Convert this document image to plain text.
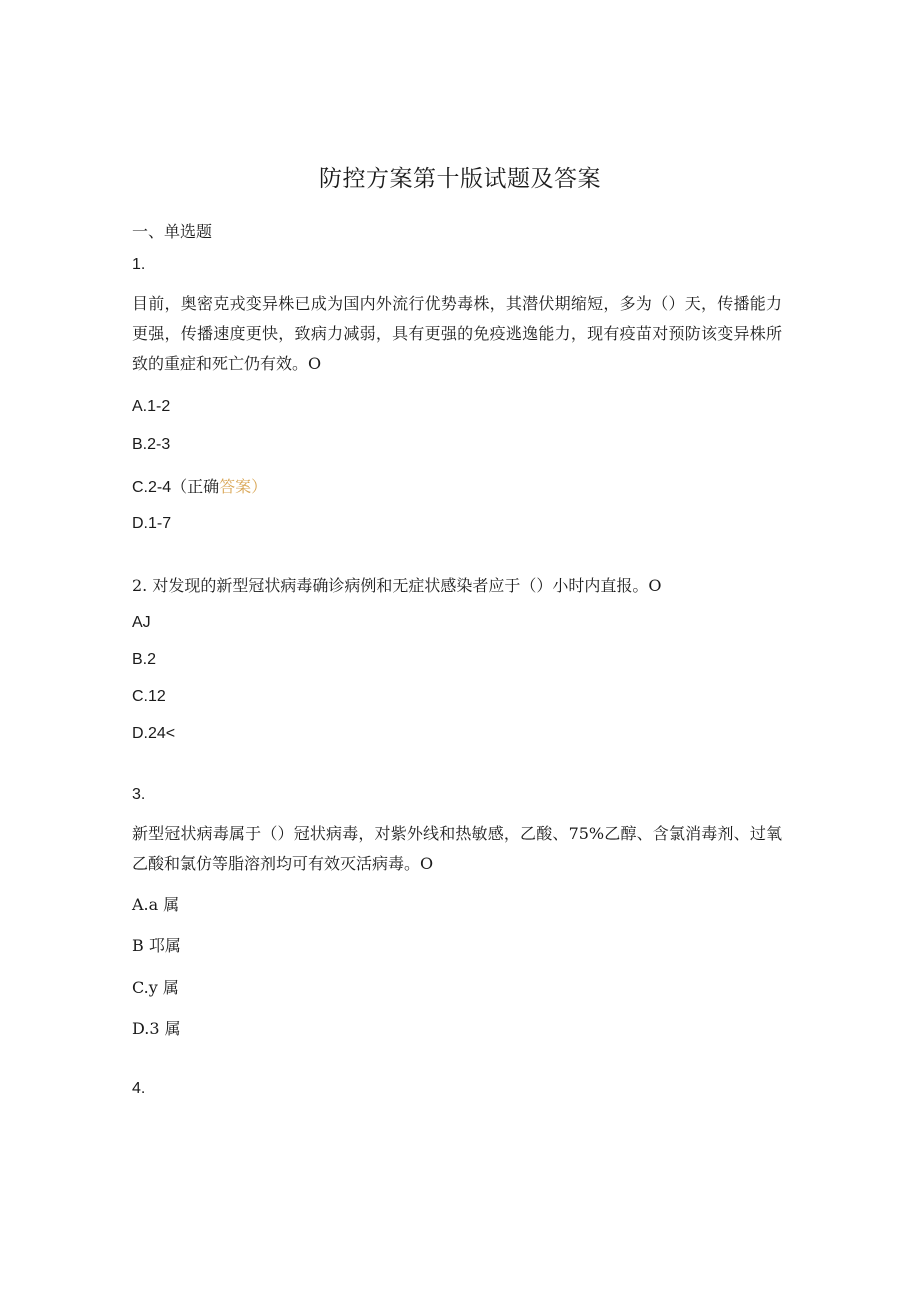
防控方案第十版试题及答案
一、单选题
1.
目前，奥密克戎变异株已成为国内外流行优势毒株，其潜伏期缩短，多为（）天，传播能力更强，传播速度更快，致病力减弱，具有更强的免疫逃逸能力，现有疫苗对预防该变异株所致的重症和死亡仍有效。O
A.1-2
B.2-3
C.2-4（正确答案）
D.1-7
2. 对发现的新型冠状病毒确诊病例和无症状感染者应于（）小时内直报。O
AJ
B.2
C.12
D.24<
3.
新型冠状病毒属于（）冠状病毒，对紫外线和热敏感，乙酸、75%乙醇、含氯消毒剂、过氧乙酸和氯仿等脂溶剂均可有效灭活病毒。O
A.a 属
B 邛属
C.y 属
D.3 属
4.
